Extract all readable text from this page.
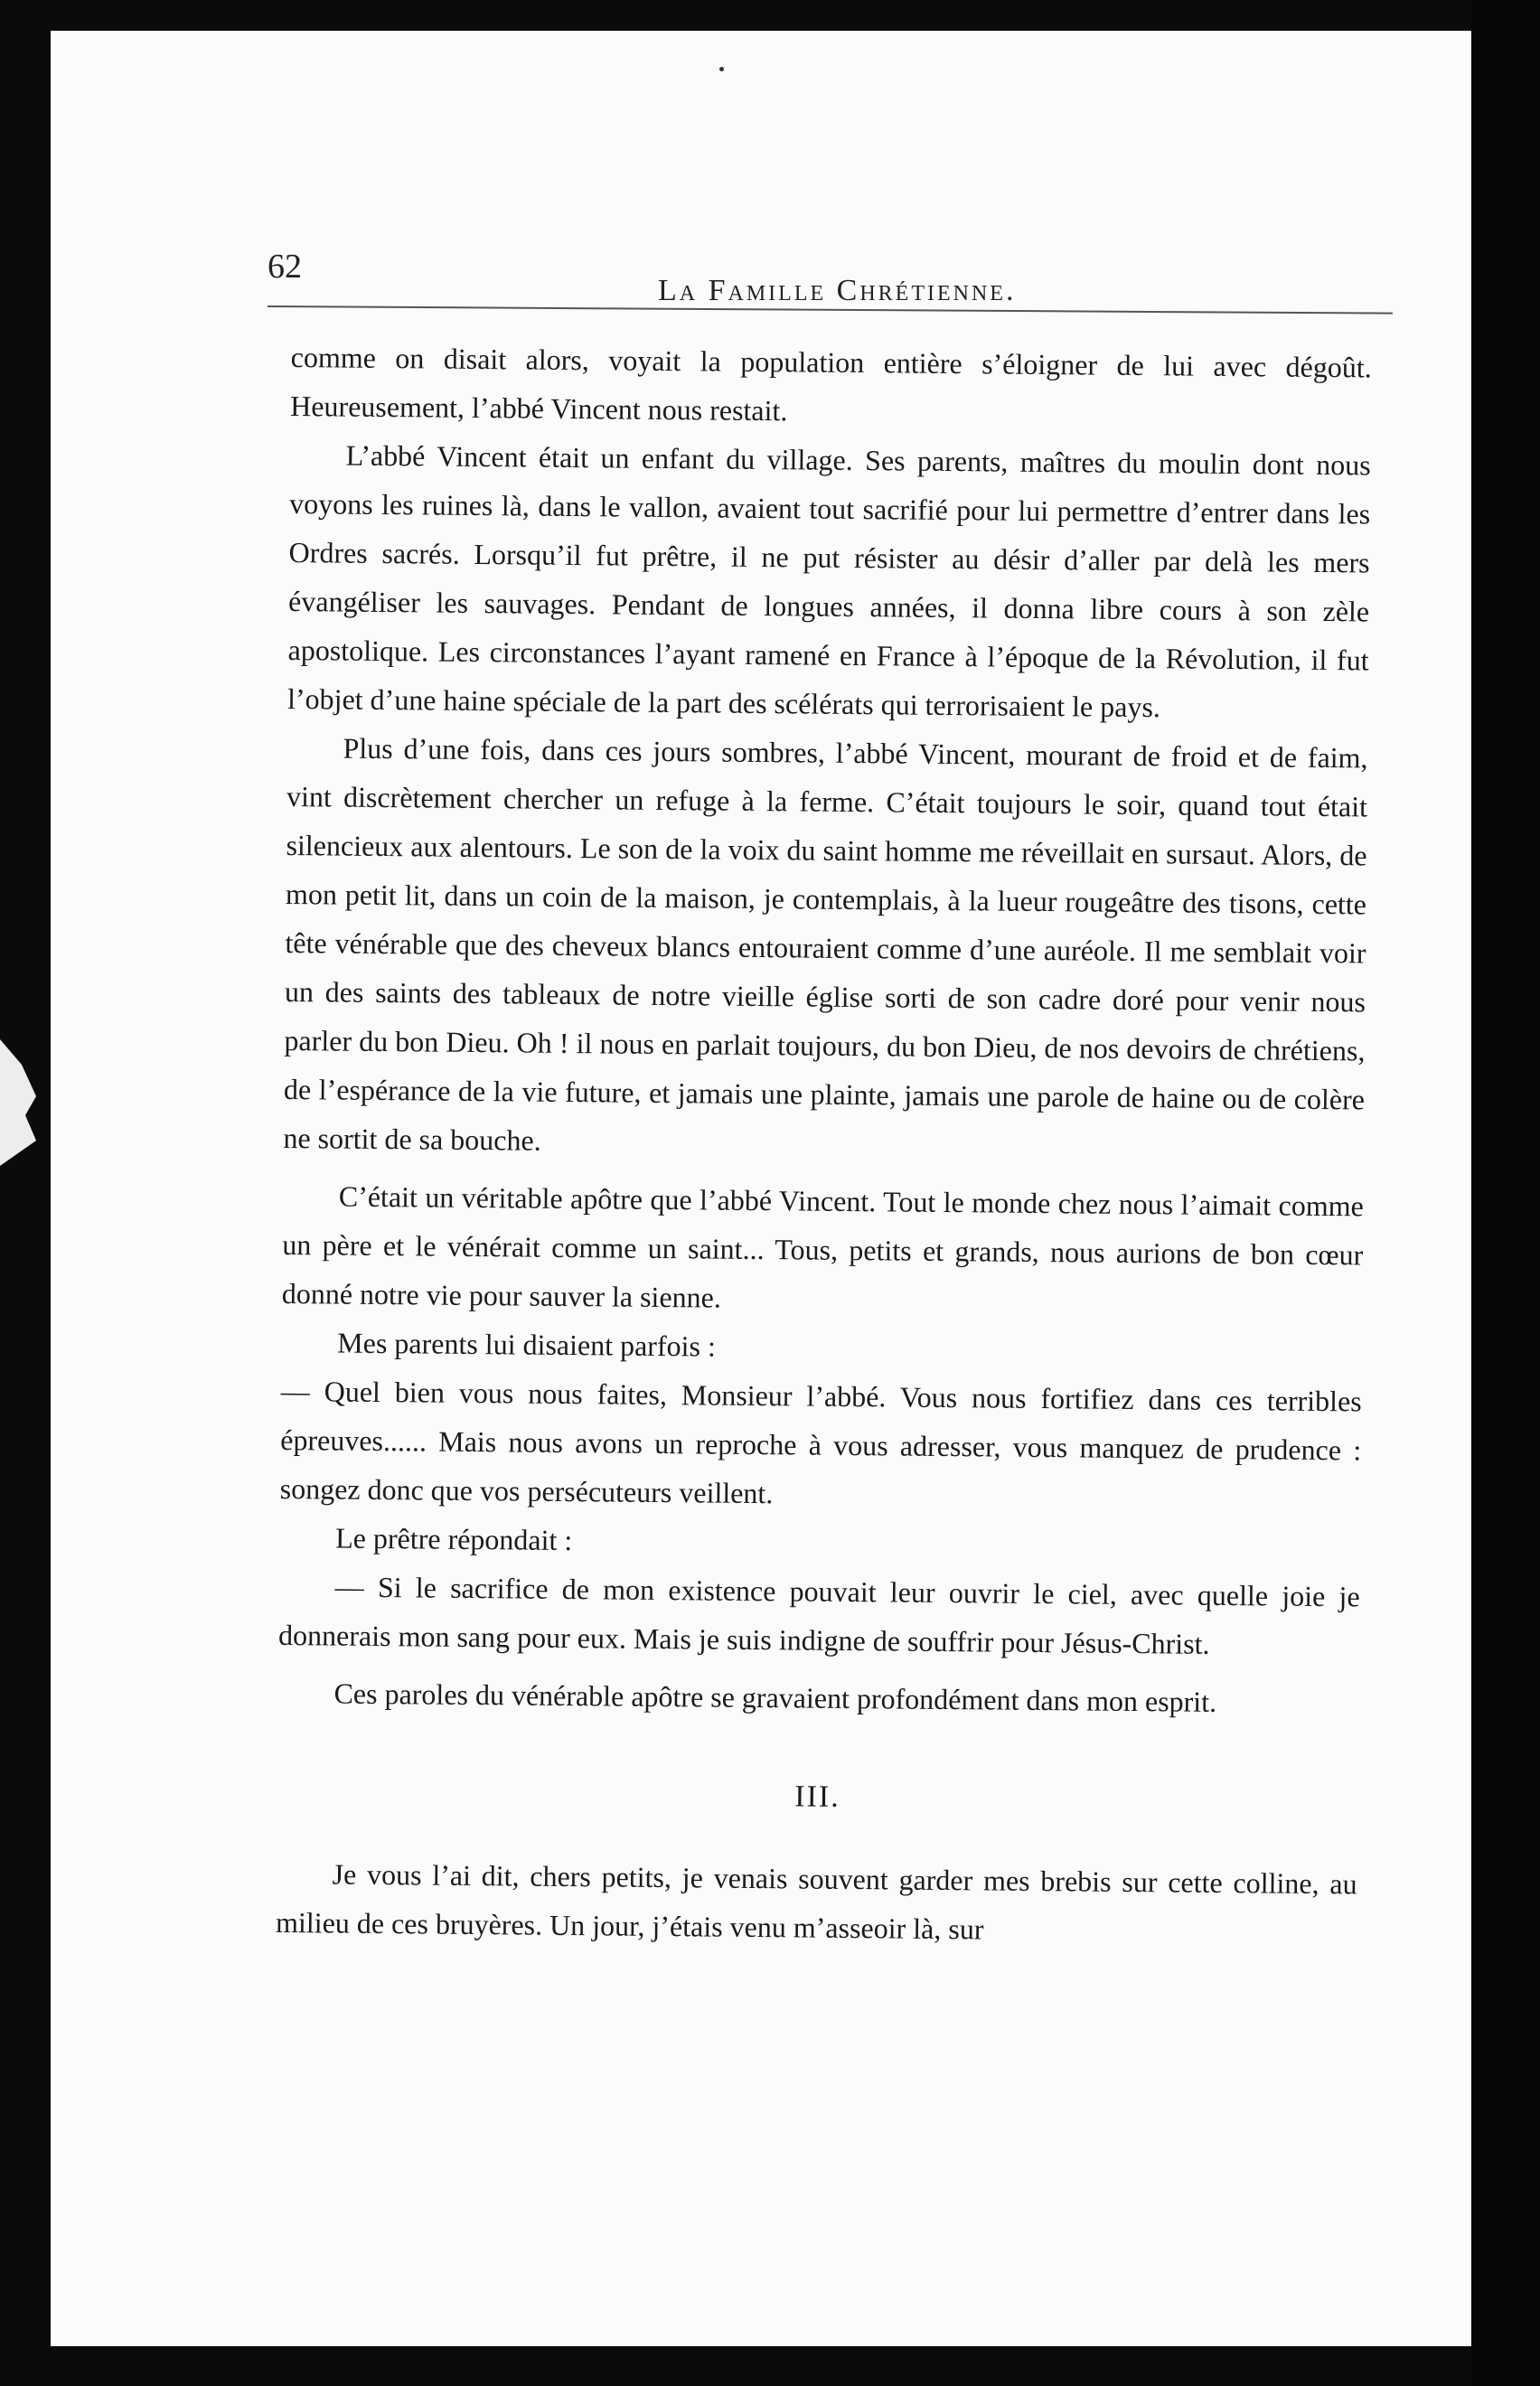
62
La Famille Chrétienne.

comme on disait alors, voyait la population entière s’éloigner de lui avec dégoût. Heureusement, l’abbé Vincent nous restait.

L’abbé Vincent était un enfant du village. Ses parents, maîtres du moulin dont nous voyons les ruines là, dans le vallon, avaient tout sacrifié pour lui permettre d’entrer dans les Ordres sacrés. Lorsqu’il fut prêtre, il ne put résister au désir d’aller par delà les mers évangéliser les sauvages. Pendant de longues années, il donna libre cours à son zèle apostolique. Les circonstances l’ayant ramené en France à l’époque de la Révolution, il fut l’objet d’une haine spéciale de la part des scélérats qui terrorisaient le pays.

Plus d’une fois, dans ces jours sombres, l’abbé Vincent, mourant de froid et de faim, vint discrètement chercher un refuge à la ferme. C’était toujours le soir, quand tout était silencieux aux alentours. Le son de la voix du saint homme me réveillait en sursaut. Alors, de mon petit lit, dans un coin de la maison, je contemplais, à la lueur rougeâtre des tisons, cette tête vénérable que des cheveux blancs entouraient comme d’une auréole. Il me semblait voir un des saints des tableaux de notre vieille église sorti de son cadre doré pour venir nous parler du bon Dieu. Oh ! il nous en parlait toujours, du bon Dieu, de nos devoirs de chrétiens, de l’espérance de la vie future, et jamais une plainte, jamais une parole de haine ou de colère ne sortit de sa bouche.

C’était un véritable apôtre que l’abbé Vincent. Tout le monde chez nous l’aimait comme un père et le vénérait comme un saint... Tous, petits et grands, nous aurions de bon cœur donné notre vie pour sauver la sienne.

Mes parents lui disaient parfois :

— Quel bien vous nous faites, Monsieur l’abbé. Vous nous fortifiez dans ces terribles épreuves...... Mais nous avons un reproche à vous adresser, vous manquez de prudence : songez donc que vos persécuteurs veillent.

Le prêtre répondait :

— Si le sacrifice de mon existence pouvait leur ouvrir le ciel, avec quelle joie je donnerais mon sang pour eux. Mais je suis indigne de souffrir pour Jésus-Christ.

Ces paroles du vénérable apôtre se gravaient profondément dans mon esprit.

III.

Je vous l’ai dit, chers petits, je venais souvent garder mes brebis sur cette colline, au milieu de ces bruyères. Un jour, j’étais venu m’asseoir là, sur
